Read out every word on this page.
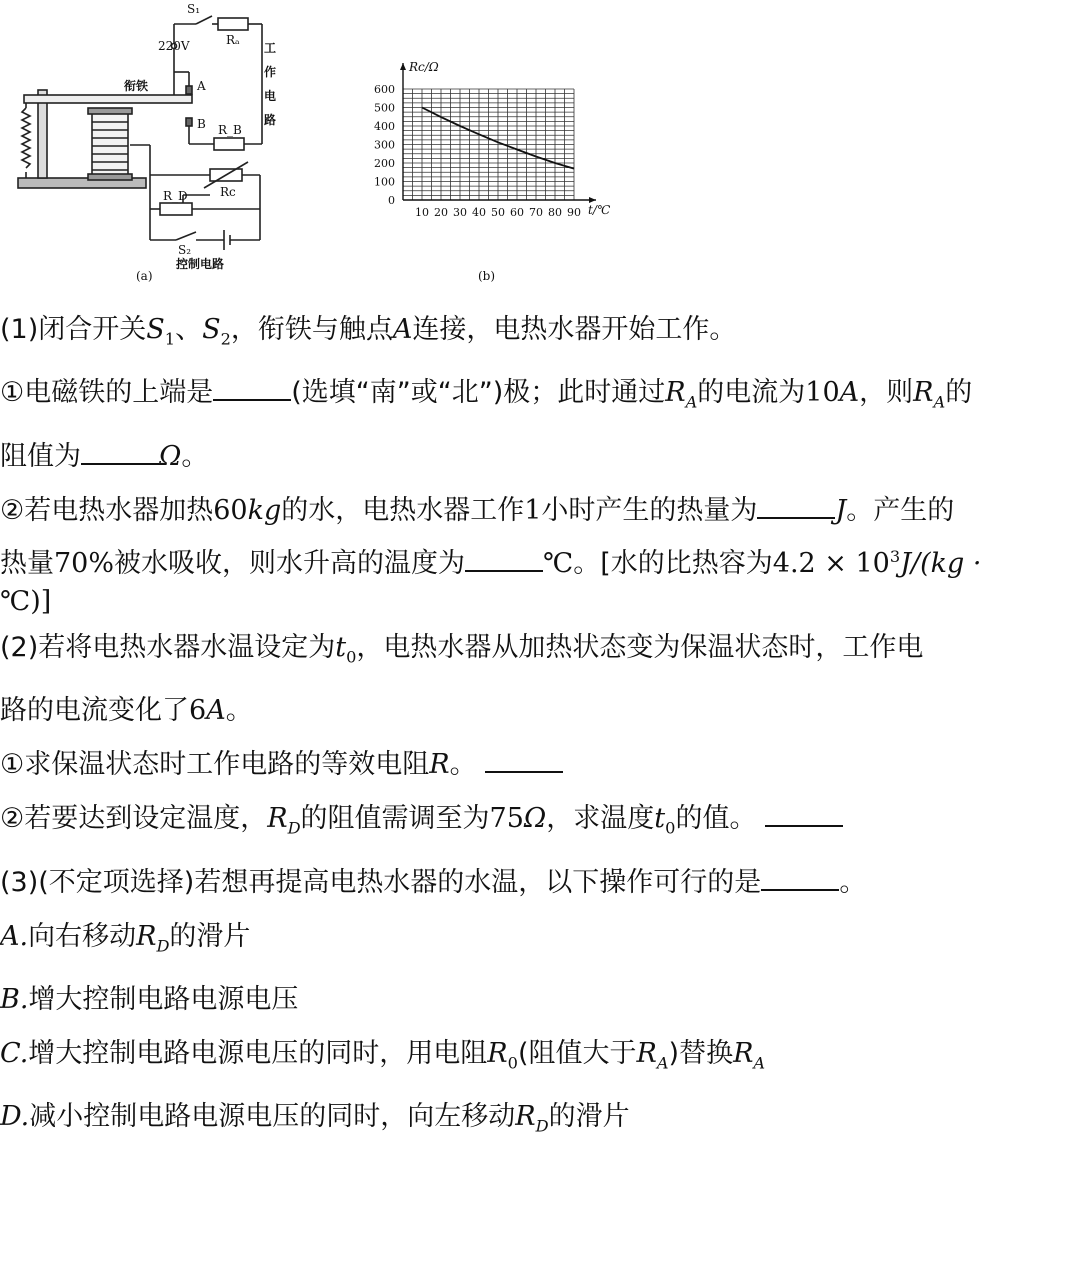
S₁
220V	Rₐ
衔铁	A
B R_B
Rc
R_D
S₂
控制电路
工
作
电
路
(a)
10 20 30 40 50 60 70 80 90
0
100
200
300
400
500
600
Rc/Ω
t/℃
(b)
(1)闭合开关$S_1$、$S_2$，衔铁与触点A连接，电热水器开始工作。
①电磁铁的上端是	(选填“南”或“北”)极；此时通过$R_A$的电流为10A，则$R_A$的
阻值为	Ω。
②若电热水器加热60kg的水，电热水器工作1小时产生的热量为	J。产生的
热量70%被水吸收，则水升高的温度为	℃。[水的比热容为$4.2 \times 10^3J/(kg$ ·
℃)]
(2)若将电热水器水温设定为$t_0$，电热水器从加热状态变为保温状态时，工作电
路的电流变化了6A。
①求保温状态时工作电路的等效电阻R。
②若要达到设定温度，$R_D$的阻值需调至为75Ω，求温度$t_0$的值。
(3)(不定项选择)若想再提高电热水器的水温，以下操作可行的是	。
A.向右移动$R_D$的滑片
B.增大控制电路电源电压
C.增大控制电路电源电压的同时，用电阻$R_0$(阻值大于$R_A$)替换$R_A$
D.减小控制电路电源电压的同时，向左移动$R_D$的滑片
